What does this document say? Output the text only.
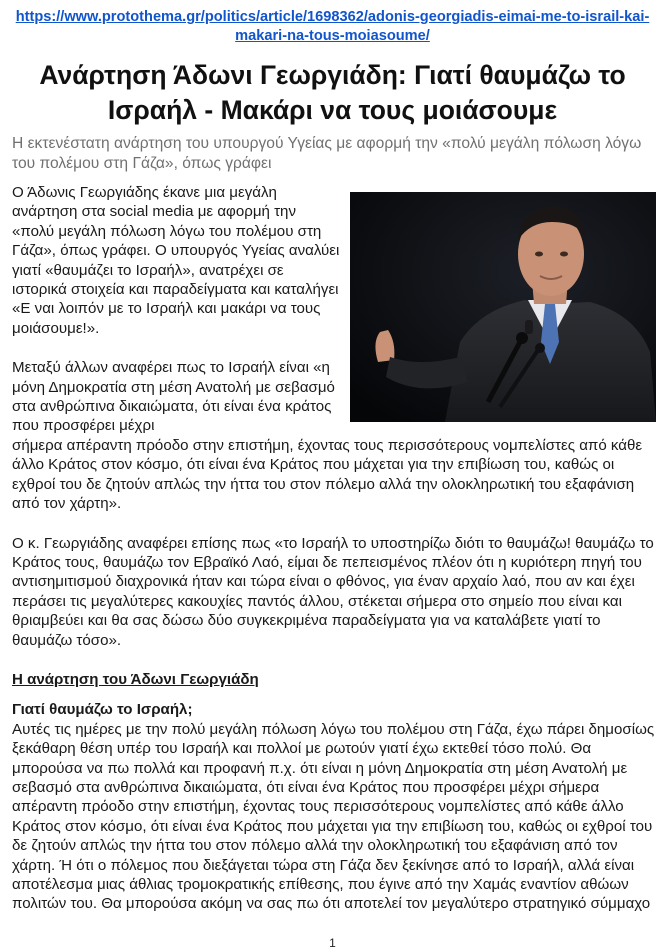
https://www.protothema.gr/politics/article/1698362/adonis-georgiadis-eimai-me-to-israil-kai-makari-na-tous-moiasoume/
Ανάρτηση Άδωνι Γεωργιάδη: Γιατί θαυμάζω το Ισραήλ - Μακάρι να τους μοιάσουμε

Η εκτενέστατη ανάρτηση του υπουργού Υγείας με αφορμή την «πολύ μεγάλη πόλωση λόγω του πολέμου στη Γάζα», όπως γράφει

Ο Άδωνις Γεωργιάδης έκανε μια μεγάλη ανάρτηση στα social media με αφορμή την «πολύ μεγάλη πόλωση λόγω του πολέμου στη Γάζα», όπως γράφει. Ο υπουργός Υγείας αναλύει γιατί «θαυμάζει το Ισραήλ», ανατρέχει σε ιστορικά στοιχεία και παραδείγματα και καταλήγει «Ε ναι λοιπόν με το Ισραήλ και μακάρι να τους μοιάσουμε!».

Μεταξύ άλλων αναφέρει πως το Ισραήλ είναι «η μόνη Δημοκρατία στη μέση Ανατολή με σεβασμό στα ανθρώπινα δικαιώματα, ότι είναι ένα κράτος που προσφέρει μέχρι
σήμερα απέραντη πρόοδο στην επιστήμη, έχοντας τους περισσότερους νομπελίστες από κάθε άλλο Κράτος στον κόσμο, ότι είναι ένα Κράτος που μάχεται για την επιβίωση του, καθώς οι εχθροί του δε ζητούν απλώς την ήττα του στον πόλεμο αλλά την ολοκληρωτική του εξαφάνιση από τον χάρτη».

Ο κ. Γεωργιάδης αναφέρει επίσης πως «το Ισραήλ το υποστηρίζω διότι το θαυμάζω! θαυμάζω το Κράτος τους, θαυμάζω τον Εβραϊκό Λαό, είμαι δε πεπεισμένος πλέον ότι η κυριότερη πηγή του αντισημιτισμού διαχρονικά ήταν και τώρα είναι ο φθόνος, για έναν αρχαίο λαό, που αν και έχει περάσει τις μεγαλύτερες κακουχίες παντός άλλου, στέκεται σήμερα στο σημείο που είναι και θριαμβεύει και θα σας δώσω δύο συγκεκριμένα παραδείγματα για να καταλάβετε γιατί το θαυμάζω τόσο».

Η ανάρτηση του Άδωνι Γεωργιάδη

Γιατί θαυμάζω το Ισραήλ;

Αυτές τις ημέρες με την πολύ μεγάλη πόλωση λόγω του πολέμου στη Γάζα, έχω πάρει δημοσίως ξεκάθαρη θέση υπέρ του Ισραήλ και πολλοί με ρωτούν γιατί έχω εκτεθεί τόσο πολύ. Θα μπορούσα να πω πολλά και προφανή π.χ. ότι είναι η μόνη Δημοκρατία στη μέση Ανατολή με σεβασμό στα ανθρώπινα δικαιώματα, ότι είναι ένα Κράτος που προσφέρει μέχρι σήμερα απέραντη πρόοδο στην επιστήμη, έχοντας τους περισσότερους νομπελίστες από κάθε άλλο Κράτος στον κόσμο, ότι είναι ένα Κράτος που μάχεται για την επιβίωση του, καθώς οι εχθροί του δε ζητούν απλώς την ήττα του στον πόλεμο αλλά την ολοκληρωτική του εξαφάνιση από τον χάρτη. Ή ότι ο πόλεμος που διεξάγεται τώρα στη Γάζα δεν ξεκίνησε από το Ισραήλ, αλλά είναι αποτέλεσμα μιας άθλιας τρομοκρατικής επίθεσης, που έγινε από την Χαμάς εναντίον αθώων πολιτών του. Θα μπορούσα ακόμη να σας πω ότι αποτελεί τον μεγαλύτερο στρατηγικό σύμμαχο

1
